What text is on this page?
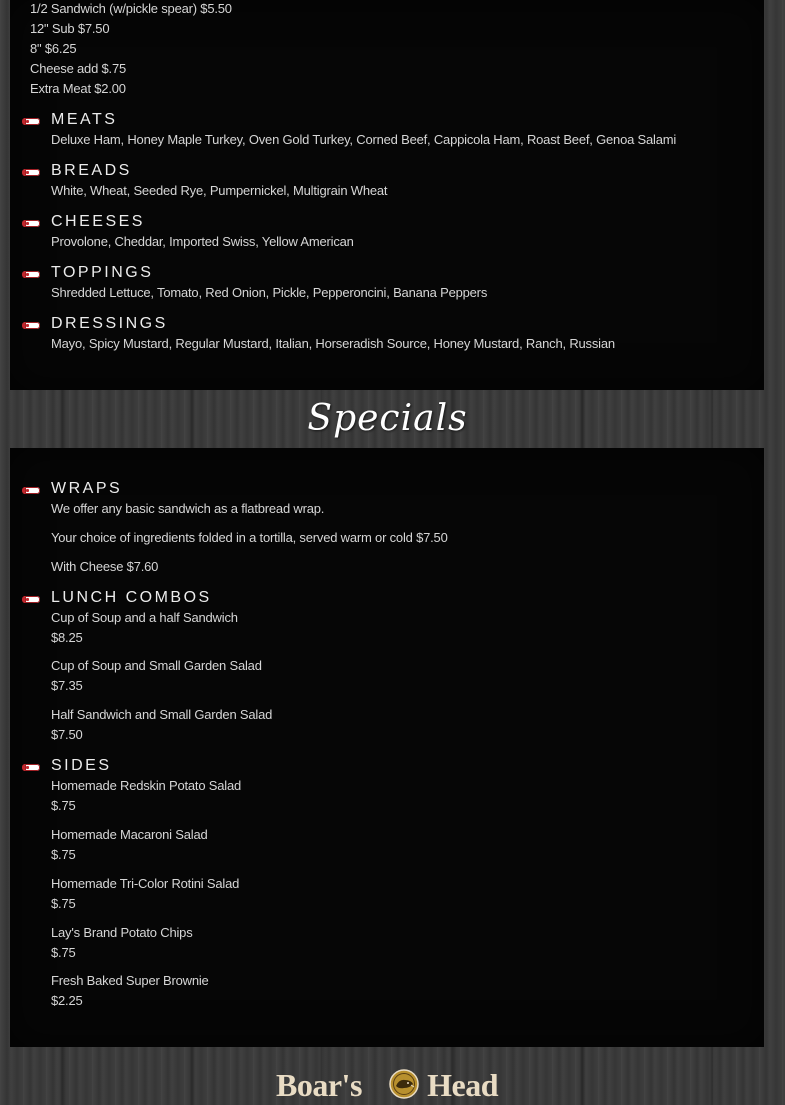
1/2 Sandwich (w/pickle spear) $5.50

12" Sub $7.50

8" $6.25

Cheese add $.75

Extra Meat $2.00

MEATS

Deluxe Ham, Honey Maple Turkey, Oven Gold Turkey, Corned Beef, Cappicola Ham, Roast Beef, Genoa Salami

BREADS

White, Wheat, Seeded Rye, Pumpernickel, Multigrain Wheat

CHEESES

Provolone, Cheddar, Imported Swiss, Yellow American

TOPPINGS

Shredded Lettuce, Tomato, Red Onion, Pickle, Pepperoncini, Banana Peppers

DRESSINGS

Mayo, Spicy Mustard, Regular Mustard, Italian, Horseradish Source, Honey Mustard, Ranch, Russian

Specials

WRAPS

We offer any basic sandwich as a flatbread wrap.

Your choice of ingredients folded in a tortilla, served warm or cold $7.50

With Cheese $7.60

LUNCH COMBOS

Cup of Soup and a half Sandwich

$8.25

Cup of Soup and Small Garden Salad

$7.35

Half Sandwich and Small Garden Salad

$7.50

SIDES

Homemade Redskin Potato Salad

$.75

Homemade Macaroni Salad

$.75

Homemade Tri-Color Rotini Salad

$.75

Lay's Brand Potato Chips

$.75

Fresh Baked Super Brownie

$2.25

Boar's Head
